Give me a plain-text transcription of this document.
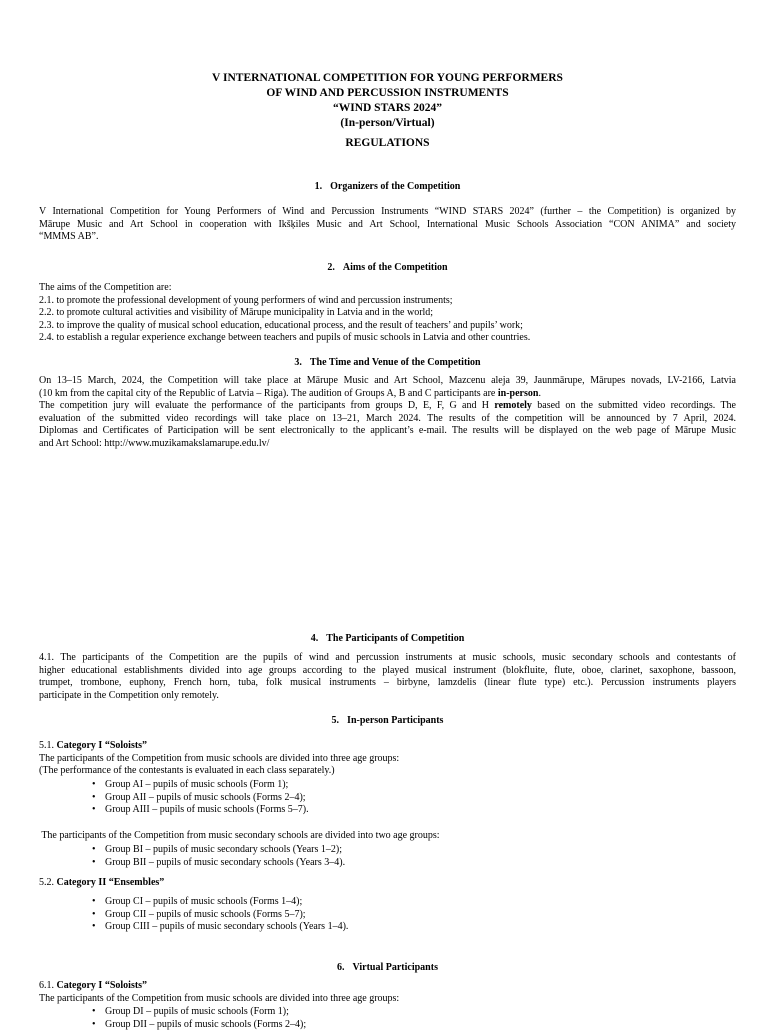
V INTERNATIONAL COMPETITION FOR YOUNG PERFORMERS
OF WIND AND PERCUSSION INSTRUMENTS
“WIND STARS 2024”
(In-person/Virtual)
REGULATIONS
1. Organizers of the Competition
V International Competition for Young Performers of Wind and Percussion Instruments “WIND STARS 2024” (further – the Competition) is organized by
Mārupe Music and Art School in cooperation with Ikšķiles Music and Art School, International Music Schools Association “CON ANIMA” and society
“MMMS AB”.
2. Aims of the Competition
The aims of the Competition are:
2.1. to promote the professional development of young performers of wind and percussion instruments;
2.2. to promote cultural activities and visibility of Mārupe municipality in Latvia and in the world;
2.3. to improve the quality of musical school education, educational process, and the result of teachers’ and pupils’ work;
2.4. to establish a regular experience exchange between teachers and pupils of music schools in Latvia and other countries.
3. The Time and Venue of the Competition
On 13–15 March, 2024, the Competition will take place at Mārupe Music and Art School, Mazcenu aleja 39, Jaunmārupe, Mārupes novads, LV-2166, Latvia
(10 km from the capital city of the Republic of Latvia – Riga). The audition of Groups A, B and C participants are in-person.
The competition jury will evaluate the performance of the participants from groups D, E, F, G and H remotely based on the submitted video recordings. The
evaluation of the submitted video recordings will take place on 13–21, March 2024. The results of the competition will be announced by 7 April, 2024.
Diplomas and Certificates of Participation will be sent electronically to the applicant’s e-mail. The results will be displayed on the web page of Mārupe Music
and Art School: http://www.muzikamakslamarupe.edu.lv/
4. The Participants of Competition
4.1. The participants of the Competition are the pupils of wind and percussion instruments at music schools, music secondary schools and contestants of
higher educational establishments divided into age groups according to the played musical instrument (blokfluite, flute, oboe, clarinet, saxophone, bassoon,
trumpet, trombone, euphony, French horn, tuba, folk musical instruments – birbyne, lamzdelis (linear flute type) etc.). Percussion instruments players
participate in the Competition only remotely.
5. In-person Participants
5.1. Category I “Soloists”
The participants of the Competition from music schools are divided into three age groups:
(The performance of the contestants is evaluated in each class separately.)
• Group AI – pupils of music schools (Form 1);
• Group AII – pupils of music schools (Forms 2–4);
• Group AIII – pupils of music schools (Forms 5–7).
The participants of the Competition from music secondary schools are divided into two age groups:
• Group BI – pupils of music secondary schools (Years 1–2);
• Group BII – pupils of music secondary schools (Years 3–4).
5.2. Category II “Ensembles”
• Group CI – pupils of music schools (Forms 1–4);
• Group CII – pupils of music schools (Forms 5–7);
• Group CIII – pupils of music secondary schools (Years 1–4).
6. Virtual Participants
6.1. Category I “Soloists”
The participants of the Competition from music schools are divided into three age groups:
• Group DI – pupils of music schools (Form 1);
• Group DII – pupils of music schools (Forms 2–4);
